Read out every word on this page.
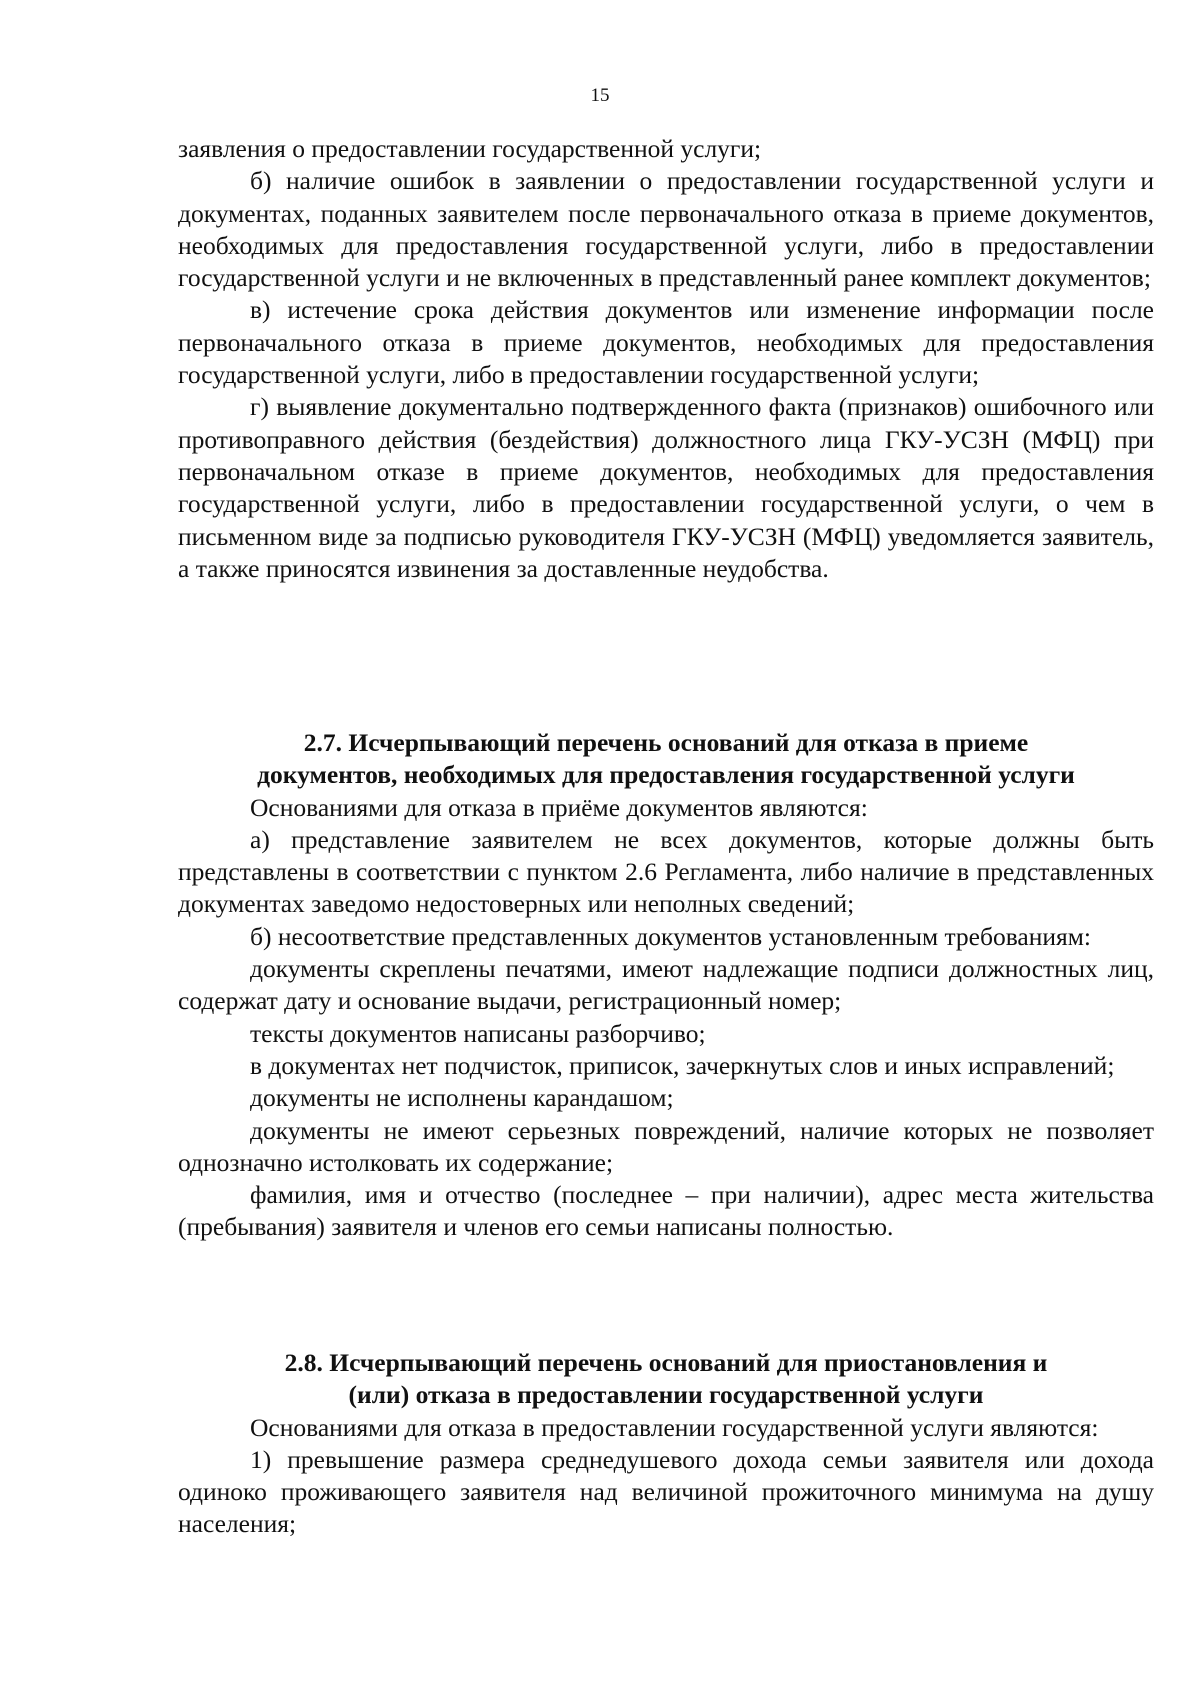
15

заявления о предоставлении государственной услуги;

б) наличие ошибок в заявлении о предоставлении государственной услуги и документах, поданных заявителем после первоначального отказа в приеме документов, необходимых для предоставления государственной услуги, либо в предоставлении государственной услуги и не включенных в представленный ранее комплект документов;

в) истечение срока действия документов или изменение информации после первоначального отказа в приеме документов, необходимых для предоставления государственной услуги, либо в предоставлении государственной услуги;

г) выявление документально подтвержденного факта (признаков) ошибочного или противоправного действия (бездействия) должностного лица ГКУ-УСЗН (МФЦ) при первоначальном отказе в приеме документов, необходимых для предоставления государственной услуги, либо в предоставлении государственной услуги, о чем в письменном виде за подписью руководителя ГКУ-УСЗН (МФЦ) уведомляется заявитель, а также приносятся извинения за доставленные неудобства.

2.7. Исчерпывающий перечень оснований для отказа в приеме
документов, необходимых для предоставления государственной услуги

Основаниями для отказа в приёме документов являются:

а) представление заявителем не всех документов, которые должны быть представлены в соответствии с пунктом 2.6 Регламента, либо наличие в представленных документах заведомо недостоверных или неполных сведений;

б) несоответствие представленных документов установленным требованиям:

документы скреплены печатями, имеют надлежащие подписи должностных лиц, содержат дату и основание выдачи, регистрационный номер;

тексты документов написаны разборчиво;

в документах нет подчисток, приписок, зачеркнутых слов и иных исправлений;

документы не исполнены карандашом;

документы не имеют серьезных повреждений, наличие которых не позволяет однозначно истолковать их содержание;

фамилия, имя и отчество (последнее – при наличии), адрес места жительства (пребывания) заявителя и членов его семьи написаны полностью.

2.8. Исчерпывающий перечень оснований для приостановления и
(или) отказа в предоставлении государственной услуги

Основаниями для отказа в предоставлении государственной услуги являются:

1) превышение размера среднедушевого дохода семьи заявителя или дохода одиноко проживающего заявителя над величиной прожиточного минимума на душу населения;
